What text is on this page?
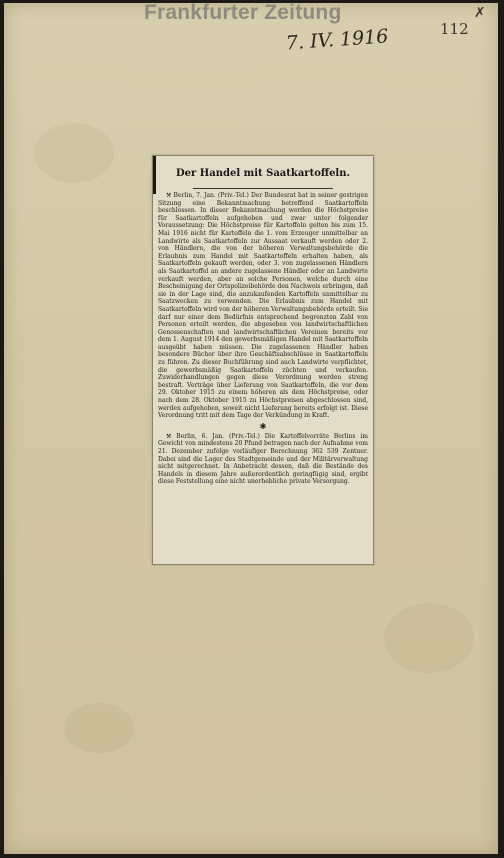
Frankfurter Zeitung
7. IV. 1916	112
✗
Der Handel mit Saatkartoffeln.

⚒ Berlin, 7. Jan. (Priv.-Tel.) Der Bundesrat hat in seiner gestrigen Sitzung eine Bekanntmachung betreffend Saatkartoffeln beschlossen. In dieser Bekanntmachung werden die Höchstpreise für Saatkartoffeln aufgehoben und zwar unter folgender Voraussetzung: Die Höchstpreise für Kartoffeln gelten bis zum 15. Mai 1916 nicht für Kartoffeln die 1. vom Erzeuger unmittelbar an Landwirte als Saatkartoffeln zur Aussaat verkauft werden oder 2. von Händlern, die von der höheren Verwaltungsbehörde die Erlaubnis zum Handel mit Saatkartoffeln erhalten haben, als Saatkartoffeln gekauft werden, oder 3. von zugelassenen Händlern als Saatkartoffel an andere zugelassene Händler oder an Landwirte verkauft werden, aber an solche Personen, welche durch eine Bescheinigung der Ortspolizeibehörde den Nachweis erbringen, daß sie in der Lage sind, die anzukaufenden Kartoffeln unmittelbar zu Saatzwecken zu verwenden. Die Erlaubnis zum Handel mit Saatkartoffeln wird von der höheren Verwaltungsbehörde erteilt. Sie darf nur einer dem Bedürfnis entsprechend begrenzten Zahl von Personen erteilt werden, die abgesehen von landwirtschaftlichen Genossenschaften und landwirtschaftlichen Vereinen bereits vor dem 1. August 1914 den gewerbsmäßigen Handel mit Saatkartoffeln ausgeübt haben müssen. Die zugelassenen Händler haben besondere Bücher über ihre Geschäftsabschlüsse in Saatkartoffeln zu führen. Zu dieser Buchführung sind auch Landwirte verpflichtet, die gewerbsmäßig Saatkartoffeln züchten und verkaufen. Zuwiderhandlungen gegen diese Verordnung werden streng bestraft. Verträge über Lieferung von Saatkartoffeln, die vor dem 29. Oktober 1915 zu einem höheren als dem Höchstpreise, oder nach dem 28. Oktober 1915 zu Höchstpreisen abgeschlossen sind, werden aufgehoben, soweit nicht Lieferung bereits erfolgt ist. Diese Verordnung tritt mit dem Tage der Verkündung in Kraft.

✱

⚒ Berlin, 6. Jan. (Priv.-Tel.) Die Kartoffelvorräte Berlins im Gewicht von mindestens 20 Pfund betragen nach der Aufnahme vom 21. Dezember zufolge vorläufiger Berechnung 362 539 Zentner. Dabei sind die Lager des Stadtgemeinde und der Militärverwaltung nicht mitgerechnet. In Anbetracht dessen, daß die Bestände des Handels in diesem Jahre außerordentlich geringfügig sind, ergibt diese Feststellung eine nicht unerhebliche private Versorgung.
